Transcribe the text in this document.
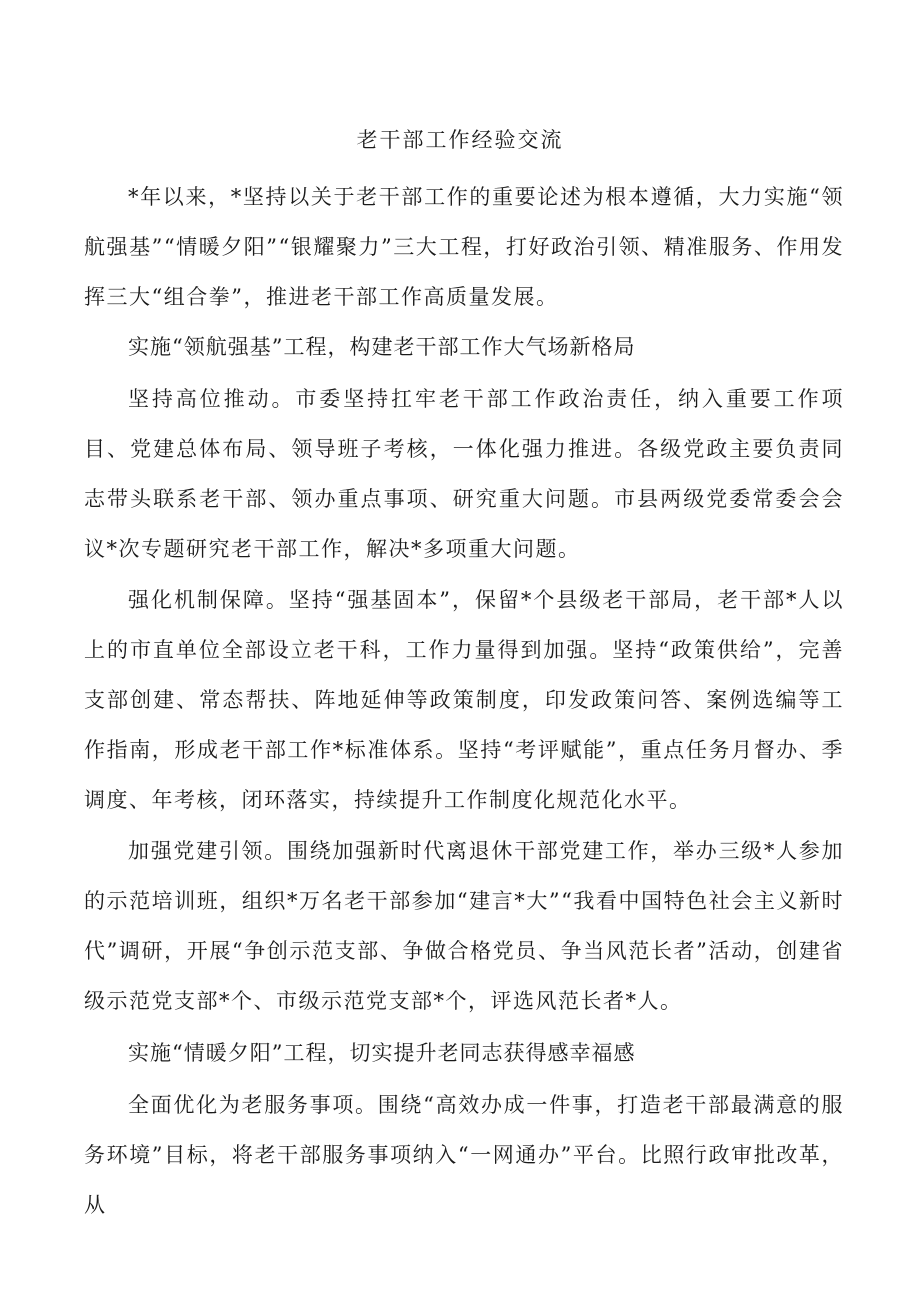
老干部工作经验交流

*年以来，*坚持以关于老干部工作的重要论述为根本遵循，大力实施“领航强基”“情暖夕阳”“银耀聚力”三大工程，打好政治引领、精准服务、作用发挥三大“组合拳”，推进老干部工作高质量发展。

实施“领航强基”工程，构建老干部工作大气场新格局

坚持高位推动。市委坚持扛牢老干部工作政治责任，纳入重要工作项目、党建总体布局、领导班子考核，一体化强力推进。各级党政主要负责同志带头联系老干部、领办重点事项、研究重大问题。市县两级党委常委会会议*次专题研究老干部工作，解决*多项重大问题。

强化机制保障。坚持“强基固本”，保留*个县级老干部局，老干部*人以上的市直单位全部设立老干科，工作力量得到加强。坚持“政策供给”，完善支部创建、常态帮扶、阵地延伸等政策制度，印发政策问答、案例选编等工作指南，形成老干部工作*标准体系。坚持“考评赋能”，重点任务月督办、季调度、年考核，闭环落实，持续提升工作制度化规范化水平。

加强党建引领。围绕加强新时代离退休干部党建工作，举办三级*人参加的示范培训班，组织*万名老干部参加“建言*大”“我看中国特色社会主义新时代”调研，开展“争创示范支部、争做合格党员、争当风范长者”活动，创建省级示范党支部*个、市级示范党支部*个，评选风范长者*人。

实施“情暖夕阳”工程，切实提升老同志获得感幸福感

全面优化为老服务事项。围绕“高效办成一件事，打造老干部最满意的服务环境”目标，将老干部服务事项纳入“一网通办”平台。比照行政审批改革，从
